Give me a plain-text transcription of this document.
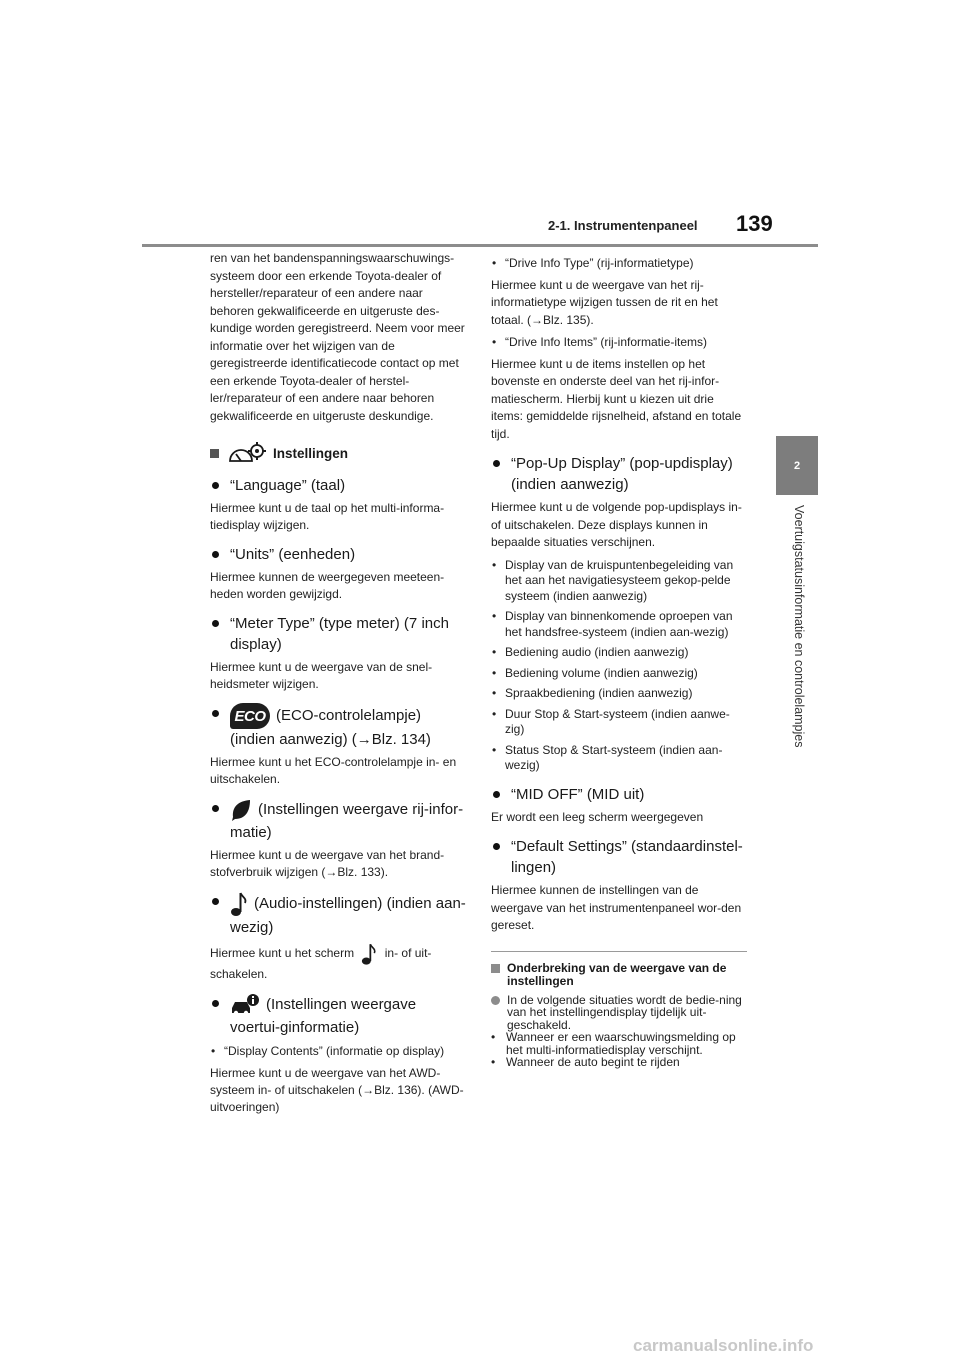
2-1. Instrumentenpaneel 139
2
Voertuigstatusinformatie en controlelampjes
ren van het bandenspanningswaarschuwings-systeem door een erkende Toyota-dealer of hersteller/reparateur of een andere naar behoren gekwalificeerde en uitgeruste des-kundige worden geregistreerd. Neem voor meer informatie over het wijzigen van de geregistreerde identificatiecode contact op met een erkende Toyota-dealer of herstel-ler/reparateur of een andere naar behoren gekwalificeerde en uitgeruste deskundige.
Instellingen
“Language” (taal)
Hiermee kunt u de taal op het multi-informa-tiedisplay wijzigen.
“Units” (eenheden)
Hiermee kunnen de weergegeven meeteen-heden worden gewijzigd.
“Meter Type” (type meter) (7 inch display)
Hiermee kunt u de weergave van de snel-heidsmeter wijzigen.
ECO (ECO-controlelampje) (indien aanwezig) (→Blz. 134)
Hiermee kunt u het ECO-controlelampje in- en uitschakelen.
(Instellingen weergave rij-infor-matie)
Hiermee kunt u de weergave van het brand-stofverbruik wijzigen (→Blz. 133).
(Audio-instellingen) (indien aan-wezig)
Hiermee kunt u het scherm	in- of uit-schakelen.
(Instellingen weergave voertui-ginformatie)
• “Display Contents” (informatie op display)
Hiermee kunt u de weergave van het AWD-systeem in- of uitschakelen (→Blz. 136). (AWD-uitvoeringen)
• “Drive Info Type” (rij-informatietype)
Hiermee kunt u de weergave van het rij-informatietype wijzigen tussen de rit en het totaal. (→Blz. 135).
• “Drive Info Items” (rij-informatie-items)
Hiermee kunt u de items instellen op het bovenste en onderste deel van het rij-infor-matiescherm. Hierbij kunt u kiezen uit drie items: gemiddelde rijsnelheid, afstand en totale tijd.
“Pop-Up Display” (pop-updisplay) (indien aanwezig)
Hiermee kunt u de volgende pop-updisplays in- of uitschakelen. Deze displays kunnen in bepaalde situaties verschijnen.
• Display van de kruispuntenbegeleiding van het aan het navigatiesysteem gekop-pelde systeem (indien aanwezig)
• Display van binnenkomende oproepen van het handsfree-systeem (indien aan-wezig)
• Bediening audio (indien aanwezig)
• Bediening volume (indien aanwezig)
• Spraakbediening (indien aanwezig)
• Duur Stop & Start-systeem (indien aanwe-zig)
• Status Stop & Start-systeem (indien aan-wezig)
“MID OFF” (MID uit)
Er wordt een leeg scherm weergegeven
“Default Settings” (standaardinstel-lingen)
Hiermee kunnen de instellingen van de weergave van het instrumentenpaneel wor-den gereset.
Onderbreking van de weergave van de instellingen
In de volgende situaties wordt de bedie-ning van het instellingendisplay tijdelijk uit-geschakeld.
• Wanneer er een waarschuwingsmelding op het multi-informatiedisplay verschijnt.
• Wanneer de auto begint te rijden
carmanualsonline.info
